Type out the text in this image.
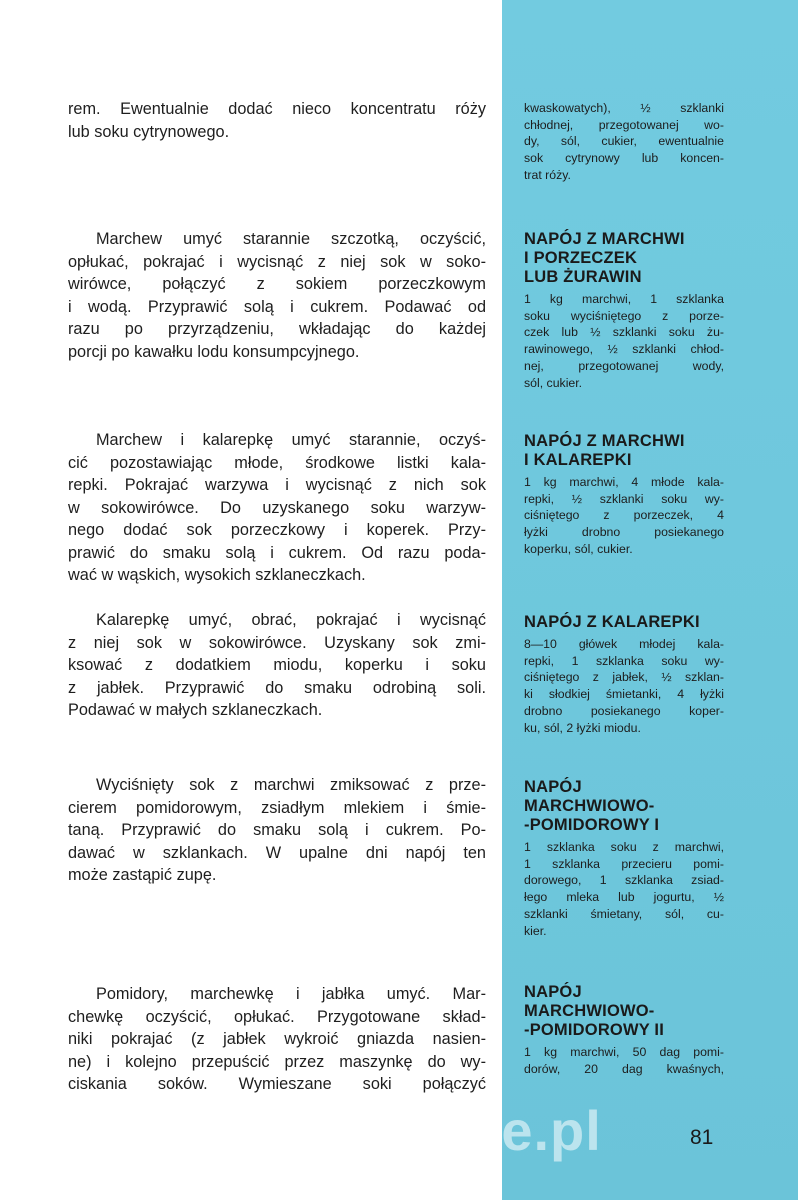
rem. Ewentualnie dodać nieco koncentratu róży
lub soku cytrynowego.
Marchew umyć starannie szczotką, oczyścić,
opłukać, pokrajać i wycisnąć z niej sok w soko-
wirówce, połączyć z sokiem porzeczkowym
i wodą. Przyprawić solą i cukrem. Podawać od
razu po przyrządzeniu, wkładając do każdej
porcji po kawałku lodu konsumpcyjnego.
Marchew i kalarepkę umyć starannie, oczyś-
cić pozostawiając młode, środkowe listki kala-
repki. Pokrajać warzywa i wycisnąć z nich sok
w sokowirówce. Do uzyskanego soku warzyw-
nego dodać sok porzeczkowy i koperek. Przy-
prawić do smaku solą i cukrem. Od razu poda-
wać w wąskich, wysokich szklaneczkach.
Kalarepkę umyć, obrać, pokrajać i wycisnąć
z niej sok w sokowirówce. Uzyskany sok zmi-
ksować z dodatkiem miodu, koperku i soku
z jabłek. Przyprawić do smaku odrobiną soli.
Podawać w małych szklaneczkach.
Wyciśnięty sok z marchwi zmiksować z prze-
cierem pomidorowym, zsiadłym mlekiem i śmie-
taną. Przyprawić do smaku solą i cukrem. Po-
dawać w szklankach. W upalne dni napój ten
może zastąpić zupę.
Pomidory, marchewkę i jabłka umyć. Mar-
chewkę oczyścić, opłukać. Przygotowane skład-
niki pokrajać (z jabłek wykroić gniazda nasien-
ne) i kolejno przepuścić przez maszynkę do wy-
ciskania soków. Wymieszane soki połączyć
kwaskowatych), ½ szklanki
chłodnej, przegotowanej wo-
dy, sól, cukier, ewentualnie
sok cytrynowy lub koncen-
trat róży.
NAPÓJ Z MARCHWI
I PORZECZEK
LUB ŻURAWIN
1 kg marchwi, 1 szklanka
soku wyciśniętego z porze-
czek lub ½ szklanki soku żu-
rawinowego, ½ szklanki chłod-
nej, przegotowanej wody,
sól, cukier.
NAPÓJ Z MARCHWI
I KALAREPKI
1 kg marchwi, 4 młode kala-
repki, ½ szklanki soku wy-
ciśniętego z porzeczek, 4
łyżki drobno posiekanego
koperku, sól, cukier.
NAPÓJ Z KALAREPKI
8—10 główek młodej kala-
repki, 1 szklanka soku wy-
ciśniętego z jabłek, ½ szklan-
ki słodkiej śmietanki, 4 łyżki
drobno posiekanego koper-
ku, sól, 2 łyżki miodu.
NAPÓJ
MARCHWIOWO-
-POMIDOROWY I
1 szklanka soku z marchwi,
1 szklanka przecieru pomi-
dorowego, 1 szklanka zsiad-
łego mleka lub jogurtu, ½
szklanki śmietany, sól, cu-
kier.
NAPÓJ
MARCHWIOWO-
-POMIDOROWY II
1 kg marchwi, 50 dag pomi-
dorów, 20 dag kwaśnych,
wedlinydomowe.pl	81
